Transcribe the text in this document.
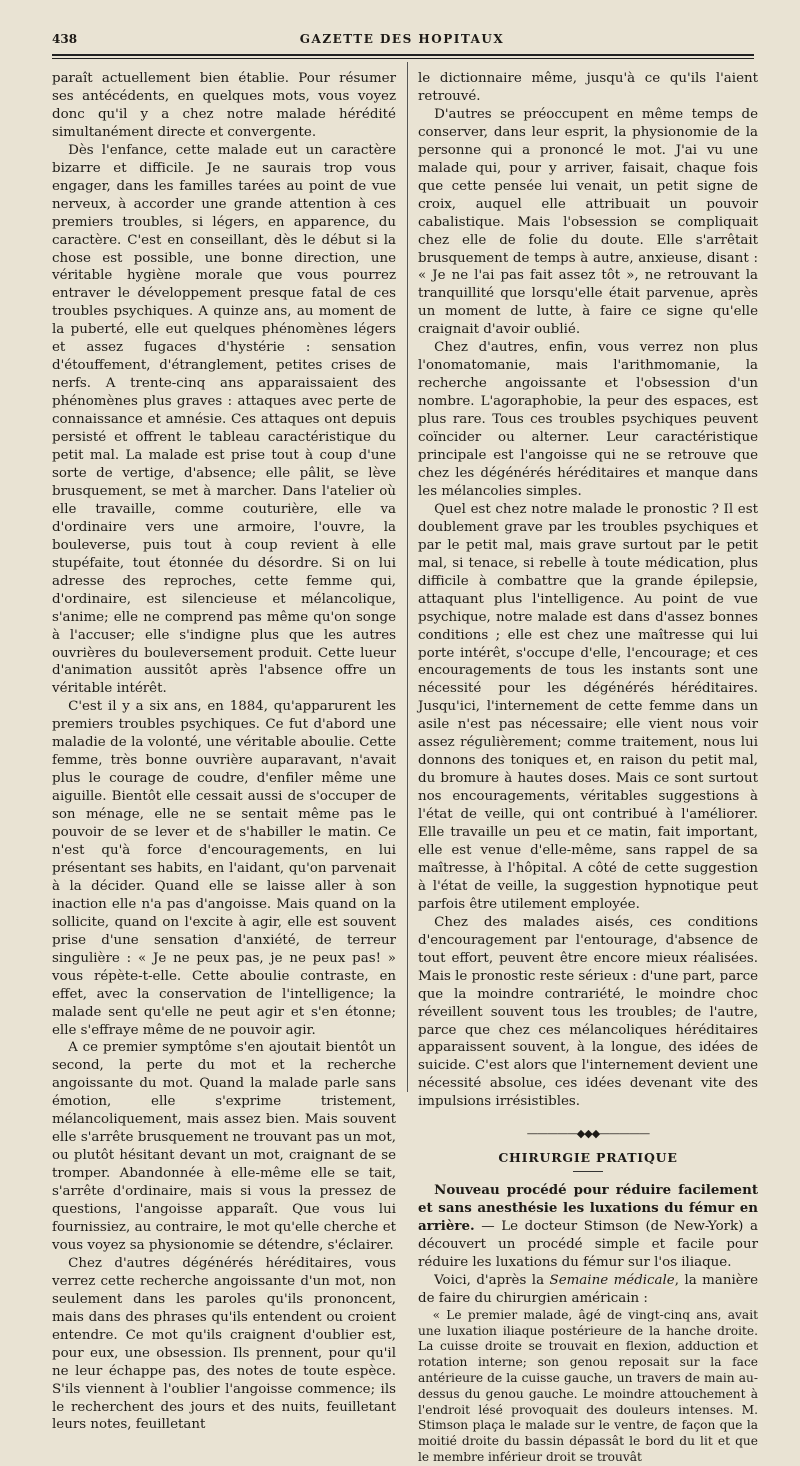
438	GAZETTE DES HOPITAUX

paraît actuellement bien établie. Pour résumer ses antécédents, en quelques mots, vous voyez donc qu'il y a chez notre malade hérédité simultanément directe et convergente.

Dès l'enfance, cette malade eut un caractère bizarre et difficile. Je ne saurais trop vous engager, dans les familles tarées au point de vue nerveux, à accorder une grande attention à ces premiers troubles, si légers, en apparence, du caractère. C'est en conseillant, dès le début si la chose est possible, une bonne direction, une véritable hygiène morale que vous pourrez entraver le développement presque fatal de ces troubles psychiques. A quinze ans, au moment de la puberté, elle eut quelques phénomènes légers et assez fugaces d'hystérie : sensation d'étouffement, d'étranglement, petites crises de nerfs. A trente-cinq ans apparaissaient des phénomènes plus graves : attaques avec perte de connaissance et amnésie. Ces attaques ont depuis persisté et offrent le tableau caractéristique du petit mal. La malade est prise tout à coup d'une sorte de vertige, d'absence; elle pâlit, se lève brusquement, se met à marcher. Dans l'atelier où elle travaille, comme couturière, elle va d'ordinaire vers une armoire, l'ouvre, la bouleverse, puis tout à coup revient à elle stupéfaite, tout étonnée du désordre. Si on lui adresse des reproches, cette femme qui, d'ordinaire, est silencieuse et mélancolique, s'anime; elle ne comprend pas même qu'on songe à l'accuser; elle s'indigne plus que les autres ouvrières du bouleversement produit. Cette lueur d'animation aussitôt après l'absence offre un véritable intérêt.

C'est il y a six ans, en 1884, qu'apparurent les premiers troubles psychiques. Ce fut d'abord une maladie de la volonté, une véritable aboulie. Cette femme, très bonne ouvrière auparavant, n'avait plus le courage de coudre, d'enfiler même une aiguille. Bientôt elle cessait aussi de s'occuper de son ménage, elle ne se sentait même pas le pouvoir de se lever et de s'habiller le matin. Ce n'est qu'à force d'encouragements, en lui présentant ses habits, en l'aidant, qu'on parvenait à la décider. Quand elle se laisse aller à son inaction elle n'a pas d'angoisse. Mais quand on la sollicite, quand on l'excite à agir, elle est souvent prise d'une sensation d'anxiété, de terreur singulière : « Je ne peux pas, je ne peux pas! » vous répète-t-elle. Cette aboulie contraste, en effet, avec la conservation de l'intelligence; la malade sent qu'elle ne peut agir et s'en étonne; elle s'effraye même de ne pouvoir agir.

A ce premier symptôme s'en ajoutait bientôt un second, la perte du mot et la recherche angoissante du mot. Quand la malade parle sans émotion, elle s'exprime tristement, mélancoliquement, mais assez bien. Mais souvent elle s'arrête brusquement ne trouvant pas un mot, ou plutôt hésitant devant un mot, craignant de se tromper. Abandonnée à elle-même elle se tait, s'arrête d'ordinaire, mais si vous la pressez de questions, l'angoisse apparaît. Que vous lui fournissiez, au contraire, le mot qu'elle cherche et vous voyez sa physionomie se détendre, s'éclairer.

Chez d'autres dégénérés héréditaires, vous verrez cette recherche angoissante d'un mot, non seulement dans les paroles qu'ils prononcent, mais dans des phrases qu'ils entendent ou croient entendre. Ce mot qu'ils craignent d'oublier est, pour eux, une obsession. Ils prennent, pour qu'il ne leur échappe pas, des notes de toute espèce. S'ils viennent à l'oublier l'angoisse commence; ils le recherchent des jours et des nuits, feuilletant leurs notes, feuilletant

le dictionnaire même, jusqu'à ce qu'ils l'aient retrouvé.

D'autres se préoccupent en même temps de conserver, dans leur esprit, la physionomie de la personne qui a prononcé le mot. J'ai vu une malade qui, pour y arriver, faisait, chaque fois que cette pensée lui venait, un petit signe de croix, auquel elle attribuait un pouvoir cabalistique. Mais l'obsession se compliquait chez elle de folie du doute. Elle s'arrêtait brusquement de temps à autre, anxieuse, disant : « Je ne l'ai pas fait assez tôt », ne retrouvant la tranquillité que lorsqu'elle était parvenue, après un moment de lutte, à faire ce signe qu'elle craignait d'avoir oublié.

Chez d'autres, enfin, vous verrez non plus l'onomatomanie, mais l'arithmomanie, la recherche angoissante et l'obsession d'un nombre. L'agoraphobie, la peur des espaces, est plus rare. Tous ces troubles psychiques peuvent coïncider ou alterner. Leur caractéristique principale est l'angoisse qui ne se retrouve que chez les dégénérés héréditaires et manque dans les mélancolies simples.

Quel est chez notre malade le pronostic ? Il est doublement grave par les troubles psychiques et par le petit mal, mais grave surtout par le petit mal, si tenace, si rebelle à toute médication, plus difficile à combattre que la grande épilepsie, attaquant plus l'intelligence. Au point de vue psychique, notre malade est dans d'assez bonnes conditions ; elle est chez une maîtresse qui lui porte intérêt, s'occupe d'elle, l'encourage; et ces encouragements de tous les instants sont une nécessité pour les dégénérés héréditaires. Jusqu'ici, l'internement de cette femme dans un asile n'est pas nécessaire; elle vient nous voir assez régulièrement; comme traitement, nous lui donnons des toniques et, en raison du petit mal, du bromure à hautes doses. Mais ce sont surtout nos encouragements, véritables suggestions à l'état de veille, qui ont contribué à l'améliorer. Elle travaille un peu et ce matin, fait important, elle est venue d'elle-même, sans rappel de sa maîtresse, à l'hôpital. A côté de cette suggestion à l'état de veille, la suggestion hypnotique peut parfois être utilement employée.

Chez des malades aisés, ces conditions d'encouragement par l'entourage, d'absence de tout effort, peuvent être encore mieux réalisées. Mais le pronostic reste sérieux : d'une part, parce que la moindre contrariété, le moindre choc réveillent souvent tous les troubles; de l'autre, parce que chez ces mélancoliques héréditaires apparaissent souvent, à la longue, des idées de suicide. C'est alors que l'internement devient une nécessité absolue, ces idées devenant vite des impulsions irrésistibles.

—————◆◆◆—————
CHIRURGIE PRATIQUE

Nouveau procédé pour réduire facilement et sans anesthésie les luxations du fémur en arrière. — Le docteur Stimson (de New-York) a découvert un procédé simple et facile pour réduire les luxations du fémur sur l'os iliaque.

Voici, d'après la Semaine médicale, la manière de faire du chirurgien américain :

« Le premier malade, âgé de vingt-cinq ans, avait une luxation iliaque postérieure de la hanche droite. La cuisse droite se trouvait en flexion, adduction et rotation interne; son genou reposait sur la face antérieure de la cuisse gauche, un travers de main au-dessus du genou gauche. Le moindre attouchement à l'endroit lésé provoquait des douleurs intenses. M. Stimson plaça le malade sur le ventre, de façon que la moitié droite du bassin dépassât le bord du lit et que le membre inférieur droit se trouvât
